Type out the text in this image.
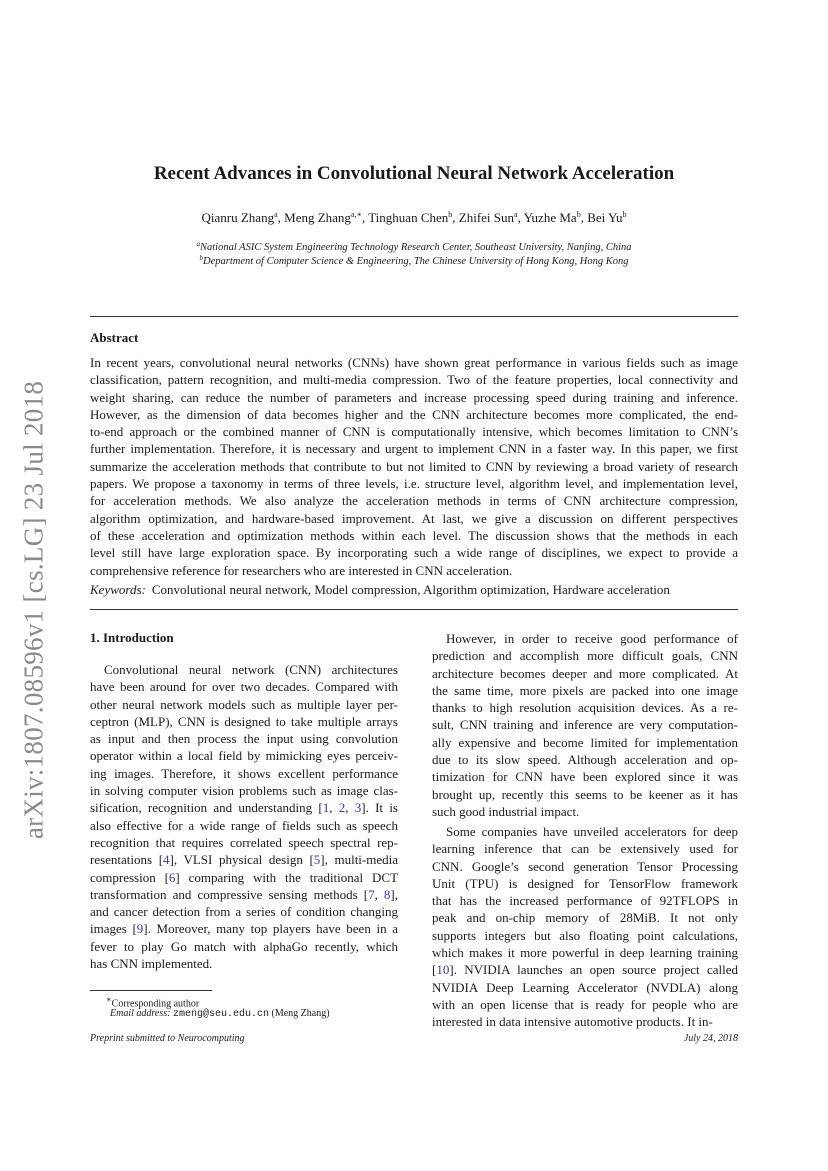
arXiv:1807.08596v1 [cs.LG] 23 Jul 2018
Recent Advances in Convolutional Neural Network Acceleration
Qianru Zhang$^a$, Meng Zhang$^{a,∗}$, Tinghuan Chen$^b$, Zhifei Sun$^a$, Yuzhe Ma$^b$, Bei Yu$^b$
$^a$National ASIC System Engineering Technology Research Center, Southeast University, Nanjing, China
$^b$Department of Computer Science & Engineering, The Chinese University of Hong Kong, Hong Kong
Abstract
In recent years, convolutional neural networks (CNNs) have shown great performance in various fields such as image
classification, pattern recognition, and multi-media compression. Two of the feature properties, local connectivity and
weight sharing, can reduce the number of parameters and increase processing speed during training and inference.
However, as the dimension of data becomes higher and the CNN architecture becomes more complicated, the end-
to-end approach or the combined manner of CNN is computationally intensive, which becomes limitation to CNN’s
further implementation. Therefore, it is necessary and urgent to implement CNN in a faster way. In this paper, we first
summarize the acceleration methods that contribute to but not limited to CNN by reviewing a broad variety of research
papers. We propose a taxonomy in terms of three levels, i.e. structure level, algorithm level, and implementation level,
for acceleration methods. We also analyze the acceleration methods in terms of CNN architecture compression,
algorithm optimization, and hardware-based improvement. At last, we give a discussion on different perspectives
of these acceleration and optimization methods within each level. The discussion shows that the methods in each
level still have large exploration space. By incorporating such a wide range of disciplines, we expect to provide a
comprehensive reference for researchers who are interested in CNN acceleration.
Keywords: Convolutional neural network, Model compression, Algorithm optimization, Hardware acceleration
1. Introduction
Convolutional neural network (CNN) architectures
have been around for over two decades. Compared with
other neural network models such as multiple layer per-
ceptron (MLP), CNN is designed to take multiple arrays
as input and then process the input using convolution
operator within a local field by mimicking eyes perceiv-
ing images. Therefore, it shows excellent performance
in solving computer vision problems such as image clas-
sification, recognition and understanding [1, 2, 3]. It is
also effective for a wide range of fields such as speech
recognition that requires correlated speech spectral rep-
resentations [4], VLSI physical design [5], multi-media
compression [6] comparing with the traditional DCT
transformation and compressive sensing methods [7, 8],
and cancer detection from a series of condition changing
images [9]. Moreover, many top players have been in a
fever to play Go match with alphaGo recently, which
has CNN implemented.
However, in order to receive good performance of
prediction and accomplish more difficult goals, CNN
architecture becomes deeper and more complicated. At
the same time, more pixels are packed into one image
thanks to high resolution acquisition devices. As a re-
sult, CNN training and inference are very computation-
ally expensive and become limited for implementation
due to its slow speed. Although acceleration and op-
timization for CNN have been explored since it was
brought up, recently this seems to be keener as it has
such good industrial impact.
Some companies have unveiled accelerators for deep
learning inference that can be extensively used for
CNN. Google’s second generation Tensor Processing
Unit (TPU) is designed for TensorFlow framework
that has the increased performance of 92TFLOPS in
peak and on-chip memory of 28MiB. It not only
supports integers but also floating point calculations,
which makes it more powerful in deep learning training
[10]. NVIDIA launches an open source project called
NVIDIA Deep Learning Accelerator (NVDLA) along
with an open license that is ready for people who are
interested in data intensive automotive products. It in-
∗Corresponding author
Email address: zmeng@seu.edu.cn (Meng Zhang)
Preprint submitted to Neurocomputing	July 24, 2018
